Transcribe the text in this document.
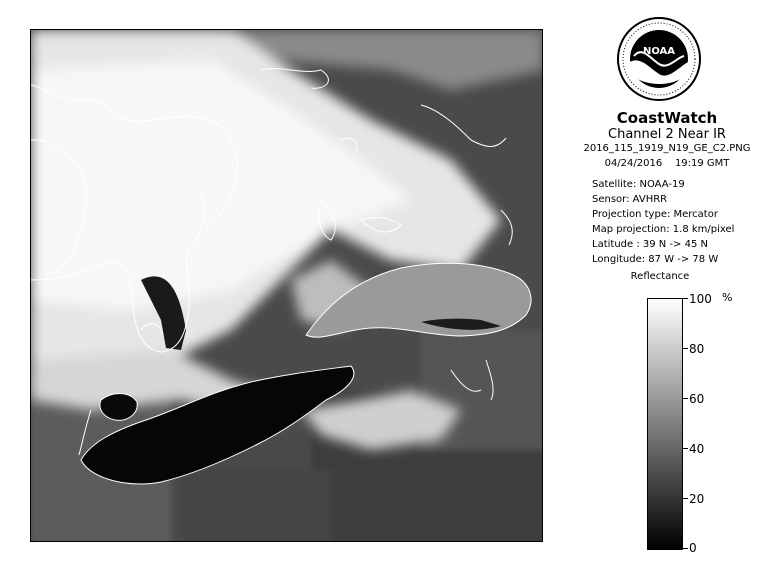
NOAA
CoastWatch
Channel 2 Near IR
2016_115_1919_N19_GE_C2.PNG
04/24/2016 19:19 GMT
Satellite: NOAA-19
Sensor: AVHRR
Projection type: Mercator
Map projection: 1.8 km/pixel
Latitude : 39 N -> 45 N
Longitude: 87 W -> 78 W
Reflectance
%
100
80
60
40
20
0
